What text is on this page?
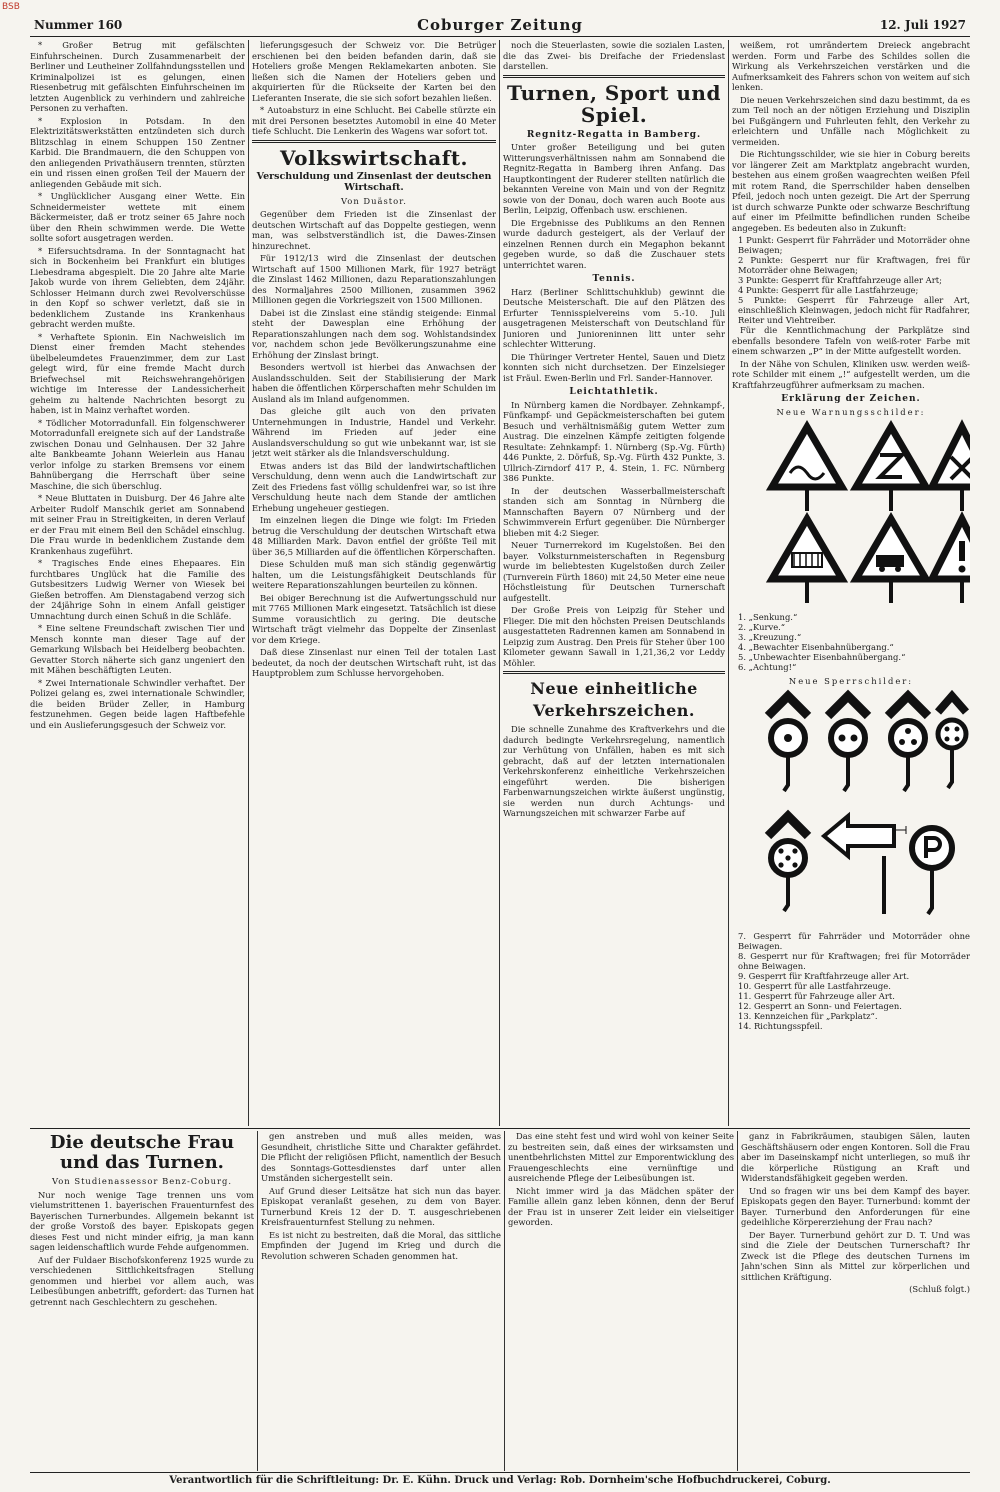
BSB
Nummer 160	Coburger Zeitung	12. Juli 1927

* Großer Betrug mit gefälschten Einfuhrscheinen. Durch Zusammenarbeit der Berliner und Leutheiner Zollfahndungsstellen und Kriminalpolizei ist es gelungen, einen Riesenbetrug mit gefälschten Einfuhrscheinen im letzten Augenblick zu verhindern und zahlreiche Personen zu verhaften.

* Explosion in Potsdam. In den Elektrizitätswerkstätten entzündeten sich durch Blitzschlag in einem Schuppen 150 Zentner Karbid. Die Brandmauern, die den Schuppen von den anliegenden Privathäusern trennten, stürzten ein und rissen einen großen Teil der Mauern der anliegenden Gebäude mit sich.

* Unglücklicher Ausgang einer Wette. Ein Schneidermeister wettete mit einem Bäckermeister, daß er trotz seiner 65 Jahre noch über den Rhein schwimmen werde. Die Wette sollte sofort ausgetragen werden.

* Eifersuchtsdrama. In der Sonntagnacht hat sich in Bockenheim bei Frankfurt ein blutiges Liebesdrama abgespielt. Die 20 Jahre alte Marie Jakob wurde von ihrem Geliebten, dem 24jähr. Schlosser Heimann durch zwei Revolverschüsse in den Kopf so schwer verletzt, daß sie in bedenklichem Zustande ins Krankenhaus gebracht werden mußte.

* Verhaftete Spionin. Ein Nachweislich im Dienst einer fremden Macht stehendes übelbeleumdetes Frauenzimmer, dem zur Last gelegt wird, für eine fremde Macht durch Briefwechsel mit Reichswehrangehörigen wichtige im Interesse der Landessicherheit geheim zu haltende Nachrichten besorgt zu haben, ist in Mainz verhaftet worden.

* Tödlicher Motorradunfall. Ein folgenschwerer Motorradunfall ereignete sich auf der Landstraße zwischen Donau und Gelnhausen. Der 32 Jahre alte Bankbeamte Johann Weierlein aus Hanau verlor infolge zu starken Bremsens vor einem Bahnübergang die Herrschaft über seine Maschine, die sich überschlug.

* Neue Bluttaten in Duisburg. Der 46 Jahre alte Arbeiter Rudolf Manschik geriet am Sonnabend mit seiner Frau in Streitigkeiten, in deren Verlauf er der Frau mit einem Beil den Schädel einschlug. Die Frau wurde in bedenklichem Zustande dem Krankenhaus zugeführt.

* Tragisches Ende eines Ehepaares. Ein furchtbares Unglück hat die Familie des Gutsbesitzers Ludwig Werner von Wiesek bei Gießen betroffen. Am Dienstagabend verzog sich der 24jährige Sohn in einem Anfall geistiger Umnachtung durch einen Schuß in die Schläfe.

* Eine seltene Freundschaft zwischen Tier und Mensch konnte man dieser Tage auf der Gemarkung Wilsbach bei Heidelberg beobachten. Gevatter Storch näherte sich ganz ungeniert den mit Mähen beschäftigten Leuten.

* Zwei Internationale Schwindler verhaftet. Der Polizei gelang es, zwei internationale Schwindler, die beiden Brüder Zeller, in Hamburg festzunehmen. Gegen beide lagen Haftbefehle und ein Auslieferungsgesuch der Schweiz vor.

lieferungsgesuch der Schweiz vor. Die Betrüger erschienen bei den beiden befanden darin, daß sie Hoteliers große Mengen Reklamekarten anboten. Sie ließen sich die Namen der Hoteliers geben und akquirierten für die Rückseite der Karten bei den Lieferanten Inserate, die sie sich sofort bezahlen ließen.

* Autoabsturz in eine Schlucht. Bei Cabelle stürzte ein mit drei Personen besetztes Automobil in eine 40 Meter tiefe Schlucht. Die Lenkerin des Wagens war sofort tot.

Volkswirtschaft.
Verschuldung und Zinsenlast der deutschen Wirtschaft.
Von Duästor.

Gegenüber dem Frieden ist die Zinsenlast der deutschen Wirtschaft auf das Doppelte gestiegen, wenn man, was selbstverständlich ist, die Dawes-Zinsen hinzurechnet.

Für 1912/13 wird die Zinsenlast der deutschen Wirtschaft auf 1500 Millionen Mark, für 1927 beträgt die Zinslast 1462 Millionen, dazu Reparationszahlungen des Normaljahres 2500 Millionen, zusammen 3962 Millionen gegen die Vorkriegszeit von 1500 Millionen.

Dabei ist die Zinslast eine ständig steigende: Einmal steht der Dawesplan eine Erhöhung der Reparationszahlungen nach dem sog. Wohlstandsindex vor, nachdem schon jede Bevölkerungszunahme eine Erhöhung der Zinslast bringt.

Besonders wertvoll ist hierbei das Anwachsen der Auslandsschulden. Seit der Stabilisierung der Mark haben die öffentlichen Körperschaften mehr Schulden im Ausland als im Inland aufgenommen.

Das gleiche gilt auch von den privaten Unternehmungen in Industrie, Handel und Verkehr. Während im Frieden auf jeder eine Auslandsverschuldung so gut wie unbekannt war, ist sie jetzt weit stärker als die Inlandsverschuldung.

Etwas anders ist das Bild der landwirtschaftlichen Verschuldung, denn wenn auch die Landwirtschaft zur Zeit des Friedens fast völlig schuldenfrei war, so ist ihre Verschuldung heute nach dem Stande der amtlichen Erhebung ungeheuer gestiegen.

Im einzelnen liegen die Dinge wie folgt: Im Frieden betrug die Verschuldung der deutschen Wirtschaft etwa 48 Milliarden Mark. Davon entfiel der größte Teil mit über 36,5 Milliarden auf die öffentlichen Körperschaften.

Diese Schulden muß man sich ständig gegenwärtig halten, um die Leistungsfähigkeit Deutschlands für weitere Reparationszahlungen beurteilen zu können.

Bei obiger Berechnung ist die Aufwertungsschuld nur mit 7765 Millionen Mark eingesetzt. Tatsächlich ist diese Summe vorausichtlich zu gering. Die deutsche Wirtschaft trägt vielmehr das Doppelte der Zinsenlast vor dem Kriege.

Daß diese Zinsenlast nur einen Teil der totalen Last bedeutet, da noch der deutschen Wirtschaft ruht, ist das Hauptproblem zum Schlusse hervorgehoben.

noch die Steuerlasten, sowie die sozialen Lasten, die das Zwei- bis Dreifache der Friedenslast darstellen.

Turnen, Sport und Spiel.
Regnitz-Regatta in Bamberg.

Unter großer Beteiligung und bei guten Witterungsverhältnissen nahm am Sonnabend die Regnitz-Regatta in Bamberg ihren Anfang. Das Hauptkontingent der Ruderer stellten natürlich die bekannten Vereine von Main und von der Regnitz sowie von der Donau, doch waren auch Boote aus Berlin, Leipzig, Offenbach usw. erschienen.

Die Ergebnisse des Publikums an den Rennen wurde dadurch gesteigert, als der Verlauf der einzelnen Rennen durch ein Megaphon bekannt gegeben wurde, so daß die Zuschauer stets unterrichtet waren.

Tennis.

Harz (Berliner Schlittschuhklub) gewinnt die Deutsche Meisterschaft. Die auf den Plätzen des Erfurter Tennisspielvereins vom 5.-10. Juli ausgetragenen Meisterschaft von Deutschland für Junioren und Junioreninnen litt unter sehr schlechter Witterung.

Die Thüringer Vertreter Hentel, Sauen und Dietz konnten sich nicht durchsetzen. Der Einzelsieger ist Fräul. Ewen-Berlin und Frl. Sander-Hannover.

Leichtathletik.

In Nürnberg kamen die Nordbayer. Zehnkampf-, Fünfkampf- und Gepäckmeisterschaften bei gutem Besuch und verhältnismäßig gutem Wetter zum Austrag. Die einzelnen Kämpfe zeitigten folgende Resultate: Zehnkampf: 1. Nürnberg (Sp.-Vg. Fürth) 446 Punkte, 2. Dörfuß, Sp.-Vg. Fürth 432 Punkte, 3. Ullrich-Zirndorf 417 P., 4. Stein, 1. FC. Nürnberg 386 Punkte.

In der deutschen Wasserballmeisterschaft standen sich am Sonntag in Nürnberg die Mannschaften Bayern 07 Nürnberg und der Schwimmverein Erfurt gegenüber. Die Nürnberger blieben mit 4:2 Sieger.

Neuer Turnerrekord im Kugelstoßen. Bei den bayer. Volksturnmeisterschaften in Regensburg wurde im beliebtesten Kugelstoßen durch Zeiler (Turnverein Fürth 1860) mit 24,50 Meter eine neue Höchstleistung für Deutschen Turnerschaft aufgestellt.

Der Große Preis von Leipzig für Steher und Flieger. Die mit den höchsten Preisen Deutschlands ausgestatteten Radrennen kamen am Sonnabend in Leipzig zum Austrag. Den Preis für Steher über 100 Kilometer gewann Sawall in 1,21,36,2 vor Leddy Möhler.

Neue einheitliche Verkehrszeichen.

Die schnelle Zunahme des Kraftverkehrs und die dadurch bedingte Verkehrsregelung, namentlich zur Verhütung von Unfällen, haben es mit sich gebracht, daß auf der letzten internationalen Verkehrskonferenz einheitliche Verkehrszeichen eingeführt werden. Die bisherigen Farbenwarnungszeichen wirkte äußerst ungünstig, sie werden nun durch Achtungs- und Warnungszeichen mit schwarzer Farbe auf

weißem, rot umrändertem Dreieck angebracht werden. Form und Farbe des Schildes sollen die Wirkung als Verkehrszeichen verstärken und die Aufmerksamkeit des Fahrers schon von weitem auf sich lenken.

Die neuen Verkehrszeichen sind dazu bestimmt, da es zum Teil noch an der nötigen Erziehung und Disziplin bei Fußgängern und Fuhrleuten fehlt, den Verkehr zu erleichtern und Unfälle nach Möglichkeit zu vermeiden.

Die Richtungsschilder, wie sie hier in Coburg bereits vor längerer Zeit am Marktplatz angebracht wurden, bestehen aus einem großen waagrechten weißen Pfeil mit rotem Rand, die Sperrschilder haben denselben Pfeil, jedoch noch unten gezeigt. Die Art der Sperrung ist durch schwarze Punkte oder schwarze Beschriftung auf einer im Pfeilmitte befindlichen runden Scheibe angegeben. Es bedeuten also in Zukunft:

1 Punkt: Gesperrt für Fahrräder und Motorräder ohne Beiwagen;
2 Punkte: Gesperrt nur für Kraftwagen, frei für Motorräder ohne Beiwagen;
3 Punkte: Gesperrt für Kraftfahrzeuge aller Art;
4 Punkte: Gesperrt für alle Lastfahrzeuge;
5 Punkte: Gesperrt für Fahrzeuge aller Art, einschließlich Kleinwagen, jedoch nicht für Radfahrer, Reiter und Viehtreiber.

Für die Kenntlichmachung der Parkplätze sind ebenfalls besondere Tafeln von weiß-roter Farbe mit einem schwarzen „P“ in der Mitte aufgestellt worden.

In der Nähe von Schulen, Kliniken usw. werden weiß-rote Schilder mit einem „!“ aufgestellt werden, um die Kraftfahrzeugführer aufmerksam zu machen.

Erklärung der Zeichen.
Neue Warnungsschilder:
1. „Senkung.“
2. „Kurve.“
3. „Kreuzung.“
4. „Bewachter Eisenbahnübergang.“
5. „Unbewachter Eisenbahnübergang.“
6. „Achtung!“
Neue Sperrschilder:
7. Gesperrt für Fahrräder und Motorräder ohne Beiwagen.
8. Gesperrt nur für Kraftwagen; frei für Motorräder ohne Beiwagen.
9. Gesperrt für Kraftfahrzeuge aller Art.
10. Gesperrt für alle Lastfahrzeuge.
11. Gesperrt für Fahrzeuge aller Art.
12. Gesperrt an Sonn- und Feiertagen.
13. Kennzeichen für „Parkplatz“.
14. Richtungsspfeil.
Die deutsche Frau und das Turnen.
Von Studienassessor Benz-Coburg.

Nur noch wenige Tage trennen uns vom vielumstrittenen 1. bayerischen Frauenturnfest des Bayerischen Turnerbundes. Allgemein bekannt ist der große Vorstoß des bayer. Episkopats gegen dieses Fest und nicht minder eifrig, ja man kann sagen leidenschaftlich wurde Fehde aufgenommen.

Auf der Fuldaer Bischofskonferenz 1925 wurde zu verschiedenen Sittlichkeitsfragen Stellung genommen und hierbei vor allem auch, was Leibesübungen anbetrifft, gefordert: das Turnen hat getrennt nach Geschlechtern zu geschehen.

gen anstreben und muß alles meiden, was Gesundheit, christliche Sitte und Charakter gefährdet. Die Pflicht der religiösen Pflicht, namentlich der Besuch des Sonntags-Gottesdienstes darf unter allen Umständen sichergestellt sein.

Auf Grund dieser Leitsätze hat sich nun das bayer. Episkopat veranlaßt gesehen, zu dem von Bayer. Turnerbund Kreis 12 der D. T. ausgeschriebenen Kreisfrauenturnfest Stellung zu nehmen.

Es ist nicht zu bestreiten, daß die Moral, das sittliche Empfinden der Jugend im Krieg und durch die Revolution schweren Schaden genommen hat.

Das eine steht fest und wird wohl von keiner Seite zu bestreiten sein, daß eines der wirksamsten und unentbehrlichsten Mittel zur Emporentwicklung des Frauengeschlechts eine vernünftige und ausreichende Pflege der Leibesübungen ist.

Nicht immer wird ja das Mädchen später der Familie allein ganz leben können, denn der Beruf der Frau ist in unserer Zeit leider ein vielseitiger geworden.

ganz in Fabrikräumen, staubigen Sälen, lauten Geschäftshäusern oder engen Kontoren. Soll die Frau aber im Daseinskampf nicht unterliegen, so muß ihr die körperliche Rüstigung an Kraft und Widerstandsfähigkeit gegeben werden.

Und so fragen wir uns bei dem Kampf des bayer. Episkopats gegen den Bayer. Turnerbund: kommt der Bayer. Turnerbund den Anforderungen für eine gedeihliche Körpererziehung der Frau nach?

Der Bayer. Turnerbund gehört zur D. T. Und was sind die Ziele der Deutschen Turnerschaft? Ihr Zweck ist die Pflege des deutschen Turnens im Jahn'schen Sinn als Mittel zur körperlichen und sittlichen Kräftigung.

(Schluß folgt.)

Verantwortlich für die Schriftleitung: Dr. E. Kühn. Druck und Verlag: Rob. Dornheim'sche Hofbuchdruckerei, Coburg.
